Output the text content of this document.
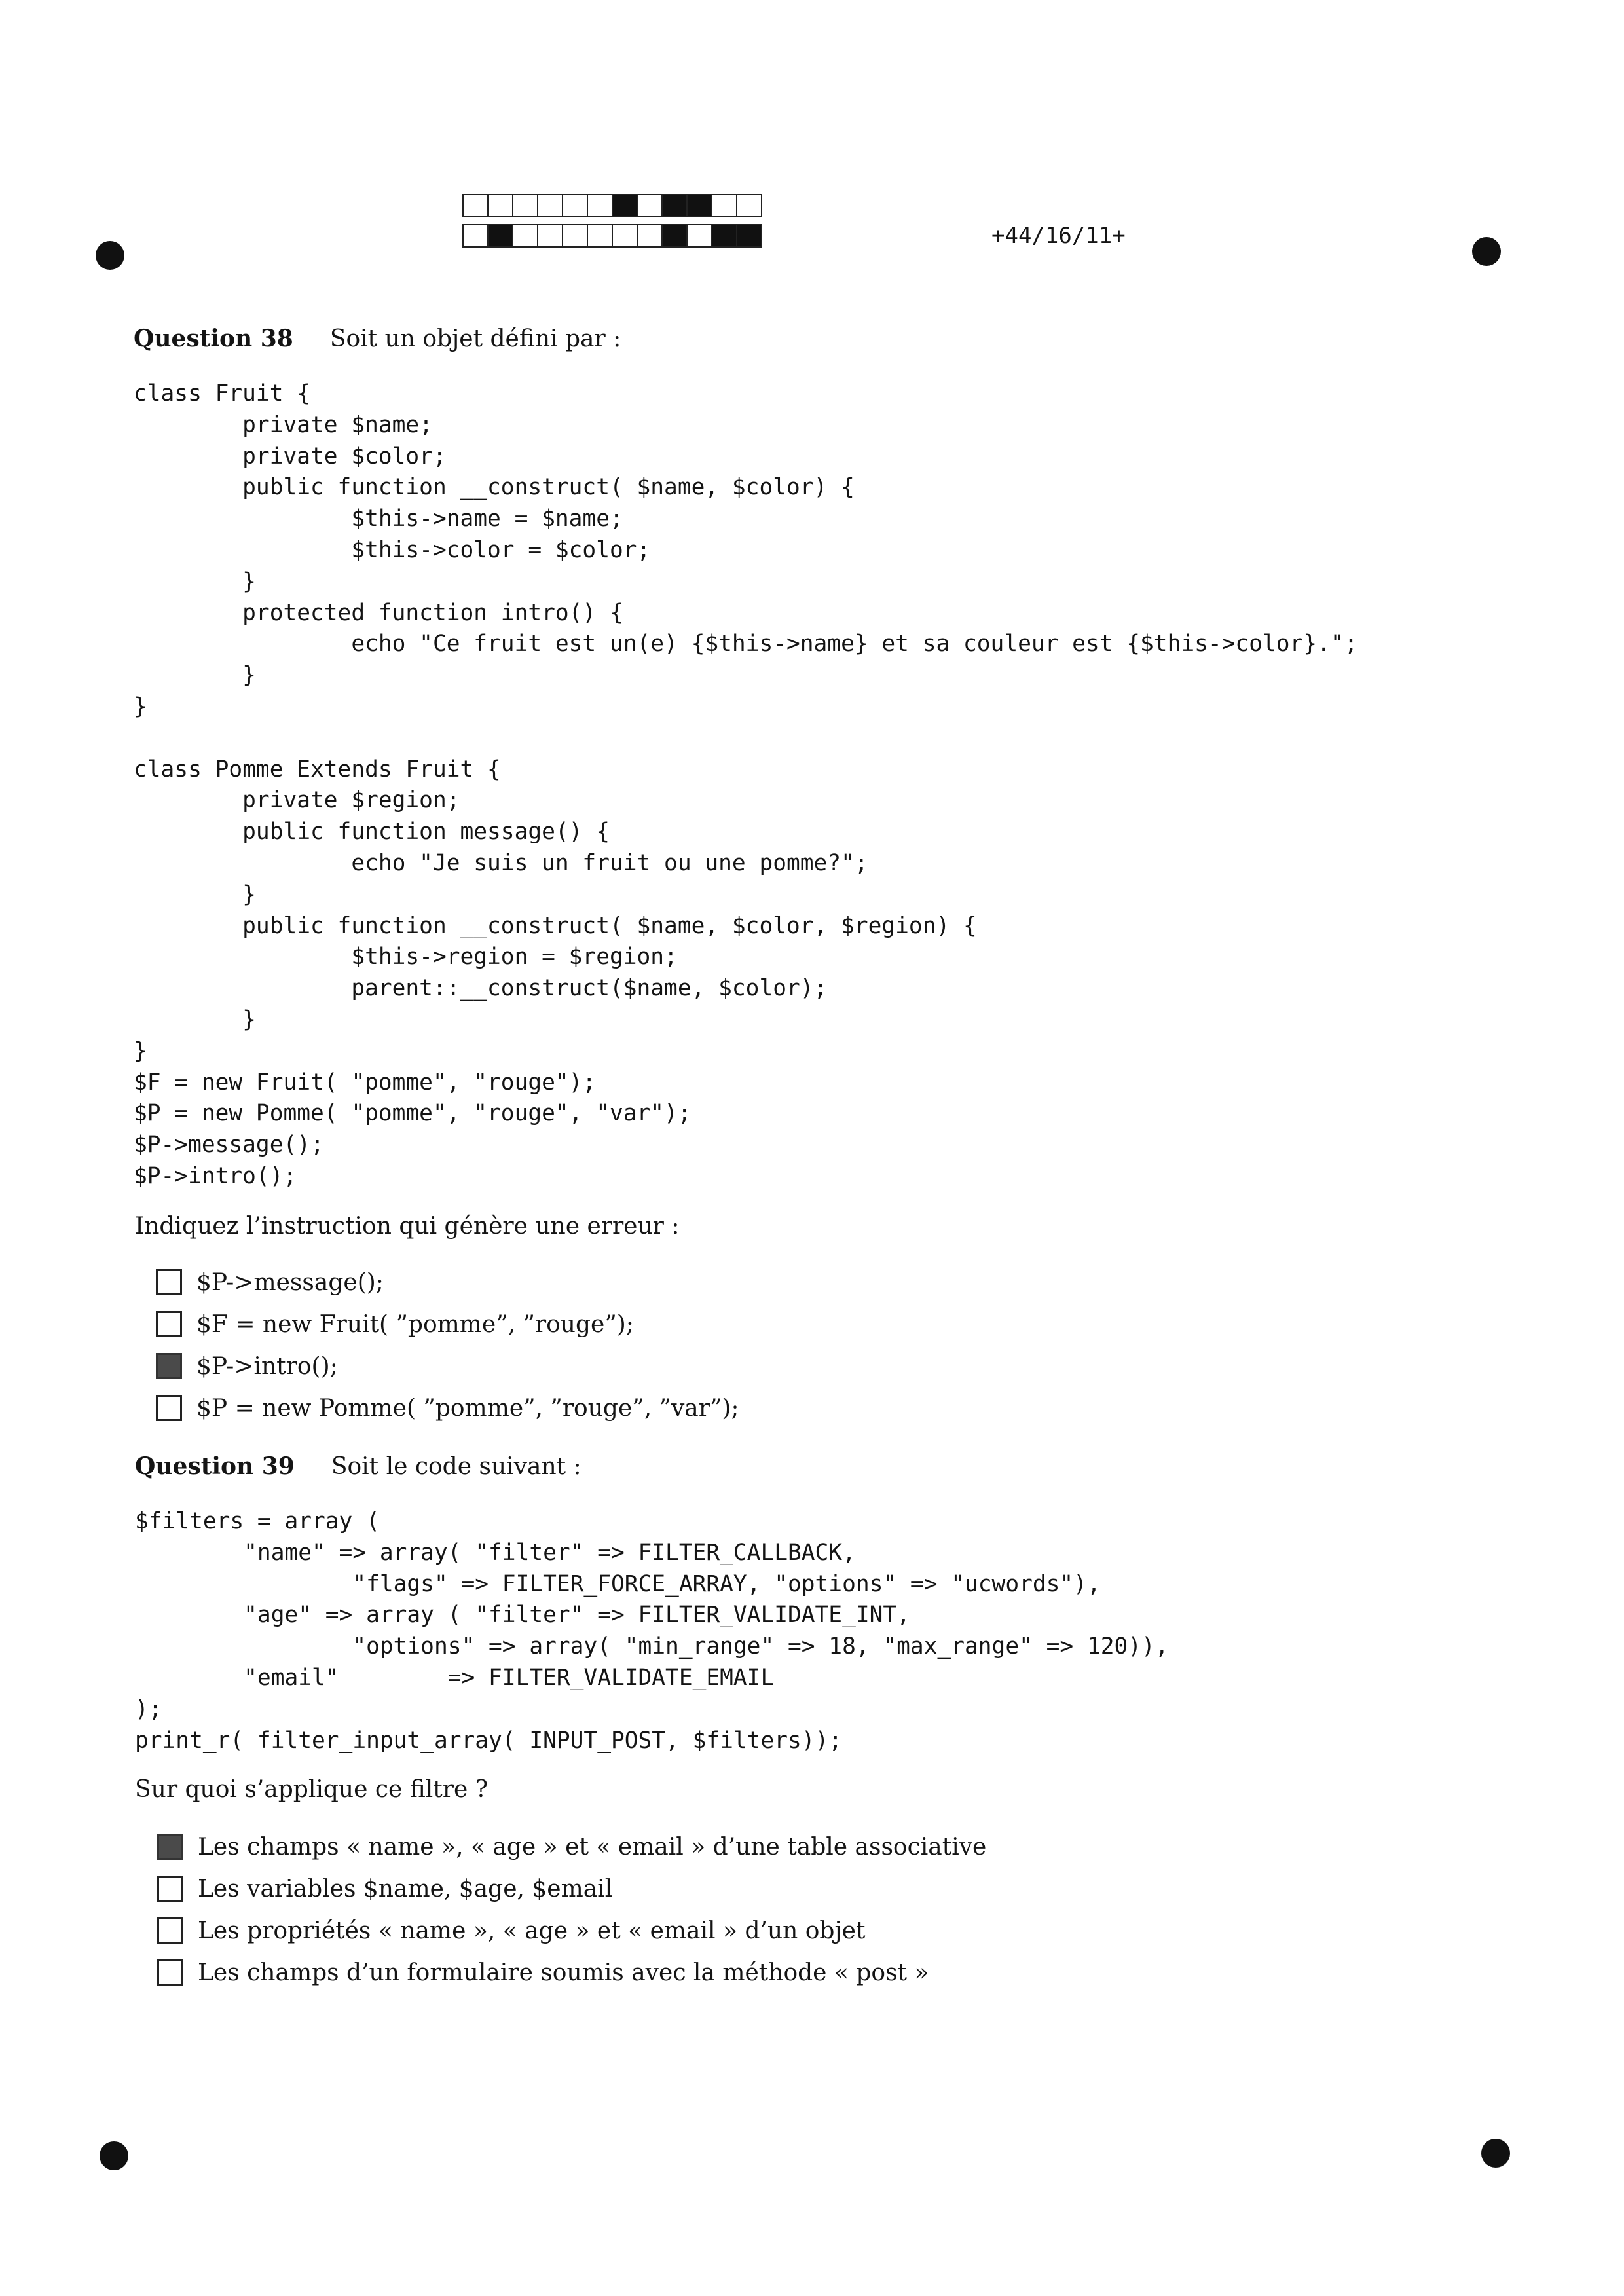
+44/16/11+
Question 38 Soit un objet défini par :
class Fruit {
private $name;
private $color;
public function __construct( $name, $color) {
$this->name = $name;
$this->color = $color;
}
protected function intro() {
echo "Ce fruit est un(e) {$this->name} et sa couleur est {$this->color}.";
}
}

class Pomme Extends Fruit {
private $region;
public function message() {
echo "Je suis un fruit ou une pomme?";
}
public function __construct( $name, $color, $region) {
$this->region = $region;
parent::__construct($name, $color);
}
}
$F = new Fruit( "pomme", "rouge");
$P = new Pomme( "pomme", "rouge", "var");
$P->message();
$P->intro();
Indiquez l’instruction qui génère une erreur :
$P->message();
$F = new Fruit( ”pomme”, ”rouge”);
$P->intro();
$P = new Pomme( ”pomme”, ”rouge”, ”var”);
Question 39 Soit le code suivant :
$filters = array (
"name" => array( "filter" => FILTER_CALLBACK,
"flags" => FILTER_FORCE_ARRAY, "options" => "ucwords"),
"age" => array ( "filter" => FILTER_VALIDATE_INT,
"options" => array( "min_range" => 18, "max_range" => 120)),
"email"        => FILTER_VALIDATE_EMAIL
);
print_r( filter_input_array( INPUT_POST, $filters));
Sur quoi s’applique ce filtre ?
Les champs « name », « age » et « email » d’une table associative
Les variables $name, $age, $email
Les propriétés « name », « age » et « email » d’un objet
Les champs d’un formulaire soumis avec la méthode « post »
